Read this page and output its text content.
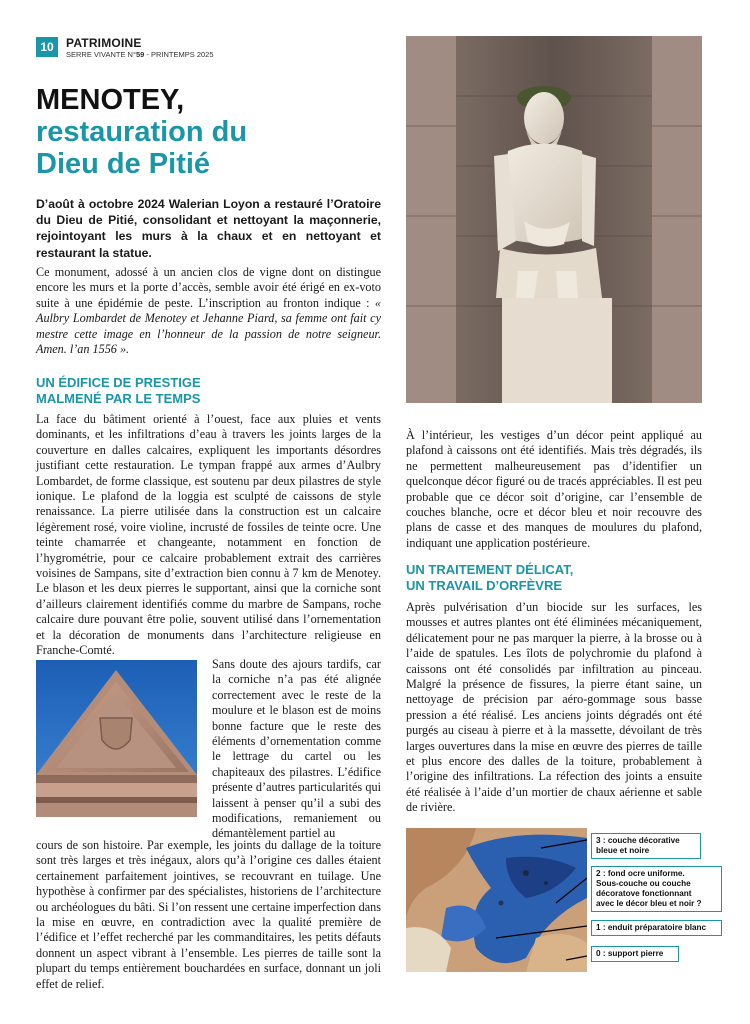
10	PATRIMOINE
SERRE VIVANTE N°59 - PRINTEMPS 2025
MENOTEY,
restauration du
Dieu de Pitié
D’août à octobre 2024 Walerian Loyon a restauré l’Oratoire du Dieu de Pitié, consolidant et nettoyant la maçonnerie, rejointoyant les murs à la chaux et en nettoyant et restaurant la statue.
Ce monument, adossé à un ancien clos de vigne dont on distingue encore les murs et la porte d’accès, semble avoir été érigé en ex-voto suite à une épidémie de peste. L’inscription au fronton indique : « Aulbry Lombardet de Menotey et Jehanne Piard, sa femme ont fait cy mestre cette image en l’honneur de la passion de notre seigneur. Amen. l’an 1556 ».
UN ÉDIFICE DE PRESTIGE
MALMENÉ PAR LE TEMPS
La face du bâtiment orienté à l’ouest, face aux pluies et vents dominants, et les infiltrations d’eau à travers les joints larges de la couverture en dalles calcaires, expliquent les importants désordres justifiant cette restauration. Le tympan frappé aux armes d’Aulbry Lombardet, de forme classique, est soutenu par deux pilastres de style ionique. Le plafond de la loggia est sculpté de caissons de style renaissance. La pierre utilisée dans la construction est un calcaire légèrement rosé, voire violine, incrusté de fossiles de teinte ocre. Une teinte chamarrée et changeante, notamment en fonction de l’hygrométrie, pour ce calcaire probablement extrait des carrières voisines de Sampans, site d’extraction bien connu à 7 km de Menotey. Le blason et les deux pierres le supportant, ainsi que la corniche sont d’ailleurs clairement identifiés comme du marbre de Sampans, roche calcaire dure pouvant être polie, souvent utilisé dans l’ornementation et la décoration de monuments dans l’architecture religieuse en Franche-Comté.
Sans doute des ajours tardifs, car la corniche n’a pas été alignée correctement avec le reste de la moulure et le blason est de moins bonne facture que le reste des éléments d’ornementation comme le lettrage du cartel ou les chapiteaux des pilastres. L’édifice présente d’autres particularités qui laissent à penser qu’il a subi des modifications, remaniement ou démantèlement partiel au
cours de son histoire. Par exemple, les joints du dallage de la toiture sont très larges et très inégaux, alors qu’à l’origine ces dalles étaient certainement parfaitement jointives, se recouvrant en tuilage. Une hypothèse à confirmer par des spécialistes, historiens de l’architecture ou archéologues du bâti. Si l’on ressent une certaine imperfection dans la mise en œuvre, en contradiction avec la qualité première de l’édifice et l’effet recherché par les commanditaires, les petits défauts donnent un aspect vibrant à l’ensemble. Les pierres de taille sont la plupart du temps entièrement bouchardées en surface, donnant un joli effet de relief.
À l’intérieur, les vestiges d’un décor peint appliqué au plafond à caissons ont été identifiés. Mais très dégradés, ils ne permettent malheureusement pas d’identifier un quelconque décor figuré ou de tracés appréciables. Il est peu probable que ce décor soit d’origine, car l’ensemble de couches blanche, ocre et décor bleu et noir recouvre des plans de casse et des manques de moulures du plafond, indiquant une application postérieure.
UN TRAITEMENT DÉLICAT,
UN TRAVAIL D’ORFÈVRE
Après pulvérisation d’un biocide sur les surfaces, les mousses et autres plantes ont été éliminées mécaniquement, délicatement pour ne pas marquer la pierre, à la brosse ou à l’aide de spatules. Les îlots de polychromie du plafond à caissons ont été consolidés par infiltration au pinceau. Malgré la présence de fissures, la pierre étant saine, un nettoyage de précision par aéro-gommage sous basse pression a été réalisé. Les anciens joints dégradés ont été purgés au ciseau à pierre et à la massette, dévoilant de très larges ouvertures dans la mise en œuvre des pierres de taille et plus encore des dalles de la toiture, probablement à l’origine des infiltrations. La réfection des joints a ensuite été réalisée à l’aide d’un mortier de chaux aérienne et sable de rivière.
3 : couche décorative
bleue et noire
2 : fond ocre uniforme.
Sous-couche ou couche
décoratove fonctionnant
avec le décor bleu et noir ?
1 : enduit préparatoire blanc
0 : support pierre
